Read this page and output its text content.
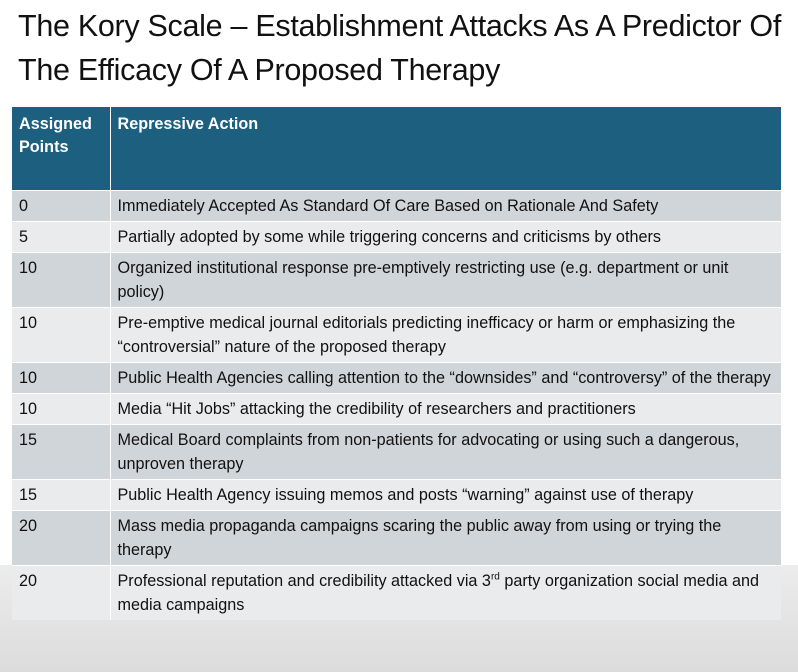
The Kory Scale – Establishment Attacks As A Predictor Of The Efficacy Of A Proposed Therapy
Assigned Points	Repressive Action
0	Immediately Accepted As Standard Of Care Based on Rationale And Safety
5	Partially adopted by some while triggering concerns and criticisms by others
10	Organized institutional response pre-emptively restricting use (e.g. department or unit policy)
10	Pre-emptive medical journal editorials predicting inefficacy or harm or emphasizing the “controversial” nature of the proposed therapy
10	Public Health Agencies calling attention to the “downsides” and “controversy” of the therapy
10	Media “Hit Jobs” attacking the credibility of researchers and practitioners
15	Medical Board complaints from non-patients for advocating or using such a dangerous, unproven therapy
15	Public Health Agency issuing memos and posts “warning” against use of therapy
20	Mass media propaganda campaigns scaring the public away from using or trying the therapy
20	Professional reputation and credibility attacked via 3rd party organization social media and media campaigns
